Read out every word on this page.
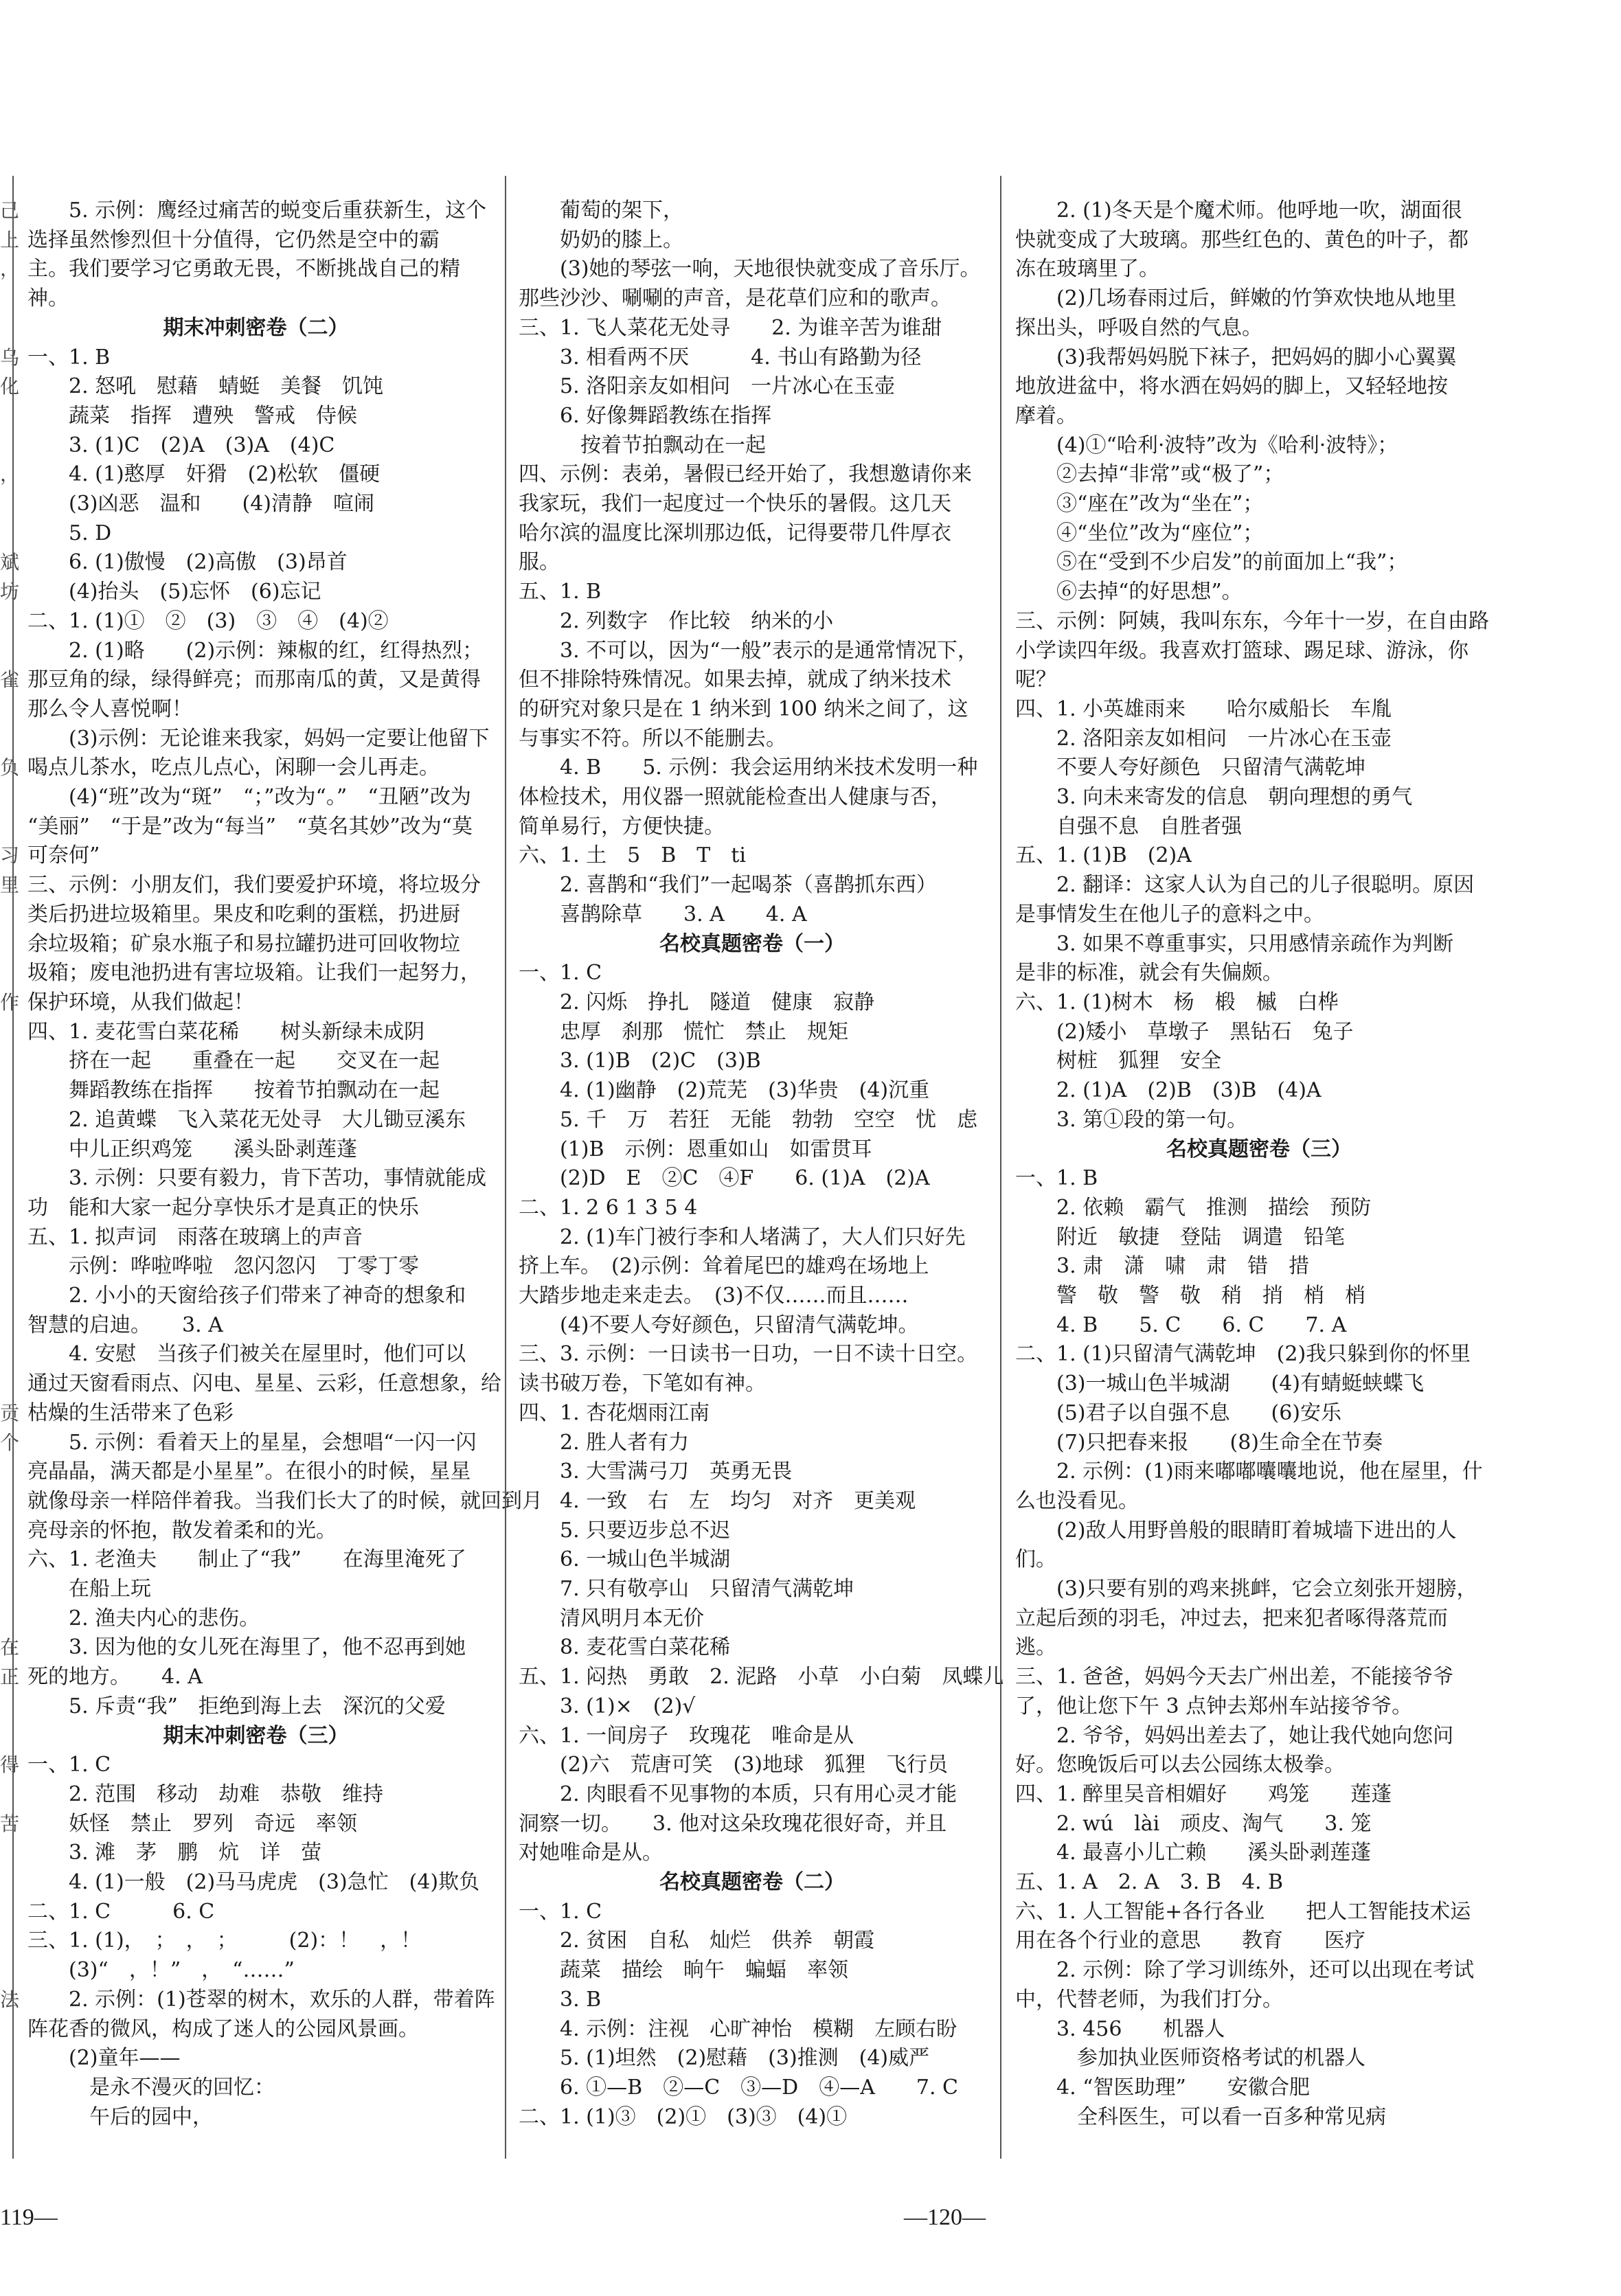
己
上
，

乌
化

，

斌
坊

雀

负

习
里

作

贡
个

在
正

得

苦

法
　　5. 示例：鹰经过痛苦的蜕变后重获新生，这个
选择虽然惨烈但十分值得，它仍然是空中的霸
主。我们要学习它勇敢无畏，不断挑战自己的精
神。
期末冲刺密卷（二）
一、1. B
　　2. 怒吼　慰藉　蜻蜓　美餐　饥饨
　　蔬菜　指挥　遭殃　警戒　侍候
　　3. (1)C　(2)A　(3)A　(4)C
　　4. (1)憨厚　奸猾　(2)松软　僵硬
　　(3)凶恶　温和　　(4)清静　喧闹
　　5. D
　　6. (1)傲慢　(2)高傲　(3)昂首
　　(4)抬头　(5)忘怀　(6)忘记
二、1. (1)①　②　(3)　③　④　(4)②
　　2. (1)略　　(2)示例：辣椒的红，红得热烈；
那豆角的绿，绿得鲜亮；而那南瓜的黄，又是黄得
那么令人喜悦啊！
　　(3)示例：无论谁来我家，妈妈一定要让他留下
喝点儿茶水，吃点儿点心，闲聊一会儿再走。
　　(4)“班”改为“斑”　“；”改为“。”　“丑陋”改为
“美丽”　“于是”改为“每当”　“莫名其妙”改为“莫
可奈何”
三、示例：小朋友们，我们要爱护环境，将垃圾分
类后扔进垃圾箱里。果皮和吃剩的蛋糕，扔进厨
余垃圾箱；矿泉水瓶子和易拉罐扔进可回收物垃
圾箱；废电池扔进有害垃圾箱。让我们一起努力，
保护环境，从我们做起！
四、1. 麦花雪白菜花稀　　树头新绿未成阴
　　挤在一起　　重叠在一起　　交叉在一起
　　舞蹈教练在指挥　　按着节拍飘动在一起
　　2. 追黄蝶　飞入菜花无处寻　大儿锄豆溪东
　　中儿正织鸡笼　　溪头卧剥莲蓬
　　3. 示例：只要有毅力，肯下苦功，事情就能成
功　能和大家一起分享快乐才是真正的快乐
五、1. 拟声词　雨落在玻璃上的声音
　　示例：哗啦哗啦　忽闪忽闪　丁零丁零
　　2. 小小的天窗给孩子们带来了神奇的想象和
智慧的启迪。　　3. A
　　4. 安慰　当孩子们被关在屋里时，他们可以
通过天窗看雨点、闪电、星星、云彩，任意想象，给
枯燥的生活带来了色彩
　　5. 示例：看着天上的星星，会想唱“一闪一闪
亮晶晶，满天都是小星星”。在很小的时候，星星
就像母亲一样陪伴着我。当我们长大了的时候，就回到月
亮母亲的怀抱，散发着柔和的光。
六、1. 老渔夫　　制止了“我”　　在海里淹死了
　　在船上玩
　　2. 渔夫内心的悲伤。
　　3. 因为他的女儿死在海里了，他不忍再到她
死的地方。　　4. A
　　5. 斥责“我”　拒绝到海上去　深沉的父爱
期末冲刺密卷（三）
一、1. C
　　2. 范围　移动　劫难　恭敬　维持
　　妖怪　禁止　罗列　奇远　率领
　　3. 滩　茅　鹏　炕　详　萤
　　4. (1)一般　(2)马马虎虎　(3)急忙　(4)欺负
二、1. C　　　6. C
三、1. (1)，　；　，　；　　　(2)：！　，！
　　(3)“　，！”　，　“……”
　　2. 示例：(1)苍翠的树木，欢乐的人群，带着阵
阵花香的微风，构成了迷人的公园风景画。
　　(2)童年——
　　　是永不漫灭的回忆：
　　　午后的园中，
　　葡萄的架下，
　　奶奶的膝上。
　　(3)她的琴弦一响，天地很快就变成了音乐厅。
那些沙沙、唰唰的声音，是花草们应和的歌声。
三、1. 飞人菜花无处寻　　2. 为谁辛苦为谁甜
　　3. 相看两不厌　　　4. 书山有路勤为径
　　5. 洛阳亲友如相问　一片冰心在玉壶
　　6. 好像舞蹈教练在指挥
　　　按着节拍飘动在一起
四、示例：表弟，暑假已经开始了，我想邀请你来
我家玩，我们一起度过一个快乐的暑假。这几天
哈尔滨的温度比深圳那边低，记得要带几件厚衣
服。
五、1. B
　　2. 列数字　作比较　纳米的小
　　3. 不可以，因为“一般”表示的是通常情况下，
但不排除特殊情况。如果去掉，就成了纳米技术
的研究对象只是在 1 纳米到 100 纳米之间了，这
与事实不符。所以不能删去。
　　4. B　　5. 示例：我会运用纳米技术发明一种
体检技术，用仪器一照就能检查出人健康与否，
简单易行，方便快捷。
六、1. 土　5　B　T　ti
　　2. 喜鹊和“我们”一起喝茶（喜鹊抓东西）
　　喜鹊除草　　3. A　　4. A
名校真题密卷（一）
一、1. C
　　2. 闪烁　挣扎　隧道　健康　寂静
　　忠厚　刹那　慌忙　禁止　规矩
　　3. (1)B　(2)C　(3)B
　　4. (1)幽静　(2)荒芜　(3)华贵　(4)沉重
　　5. 千　万　若狂　无能　勃勃　空空　忧　虑
　　(1)B　示例：恩重如山　如雷贯耳
　　(2)D　E　②C　④F　　6. (1)A　(2)A
二、1. 2 6 1 3 5 4
　　2. (1)车门被行李和人堵满了，大人们只好先
挤上车。　(2)示例：耸着尾巴的雄鸡在场地上
大踏步地走来走去。　(3)不仅……而且……
　　(4)不要人夸好颜色，只留清气满乾坤。
三、3. 示例：一日读书一日功，一日不读十日空。
读书破万卷，下笔如有神。
四、1. 杏花烟雨江南
　　2. 胜人者有力
　　3. 大雪满弓刀　英勇无畏
　　4. 一致　右　左　均匀　对齐　更美观
　　5. 只要迈步总不迟
　　6. 一城山色半城湖
　　7. 只有敬亭山　只留清气满乾坤
　　清风明月本无价
　　8. 麦花雪白菜花稀
五、1. 闷热　勇敢　2. 泥路　小草　小白菊　凤蝶儿
　　3. (1)×　(2)√
六、1. 一间房子　玫瑰花　唯命是从
　　(2)六　荒唐可笑　(3)地球　狐狸　飞行员
　　2. 肉眼看不见事物的本质，只有用心灵才能
洞察一切。　　3. 他对这朵玫瑰花很好奇，并且
对她唯命是从。
名校真题密卷（二）
一、1. C
　　2. 贫困　自私　灿烂　供养　朝霞
　　蔬菜　描绘　晌午　蝙蝠　率领
　　3. B
　　4. 示例：注视　心旷神怡　模糊　左顾右盼
　　5. (1)坦然　(2)慰藉　(3)推测　(4)威严
　　6. ①—B　②—C　③—D　④—A　　7. C
二、1. (1)③　(2)①　(3)③　(4)①
　　2. (1)冬天是个魔术师。他呼地一吹，湖面很
快就变成了大玻璃。那些红色的、黄色的叶子，都
冻在玻璃里了。
　　(2)几场春雨过后，鲜嫩的竹笋欢快地从地里
探出头，呼吸自然的气息。
　　(3)我帮妈妈脱下袜子，把妈妈的脚小心翼翼
地放进盆中，将水洒在妈妈的脚上，又轻轻地按
摩着。
　　(4)①“哈利·波特”改为《哈利·波特》；
　　②去掉“非常”或“极了”；
　　③“座在”改为“坐在”；
　　④“坐位”改为“座位”；
　　⑤在“受到不少启发”的前面加上“我”；
　　⑥去掉“的好思想”。
三、示例：阿姨，我叫东东，今年十一岁，在自由路
小学读四年级。我喜欢打篮球、踢足球、游泳，你
呢？
四、1. 小英雄雨来　　哈尔威船长　车胤
　　2. 洛阳亲友如相问　一片冰心在玉壶
　　不要人夸好颜色　只留清气满乾坤
　　3. 向未来寄发的信息　朝向理想的勇气
　　自强不息　自胜者强
五、1. (1)B　(2)A
　　2. 翻译：这家人认为自己的儿子很聪明。原因
是事情发生在他儿子的意料之中。
　　3. 如果不尊重事实，只用感情亲疏作为判断
是非的标准，就会有失偏颇。
六、1. (1)树木　杨　椴　槭　白桦
　　(2)矮小　草墩子　黑钻石　兔子
　　树桩　狐狸　安全
　　2. (1)A　(2)B　(3)B　(4)A
　　3. 第①段的第一句。
名校真题密卷（三）
一、1. B
　　2. 依赖　霸气　推测　描绘　预防
　　附近　敏捷　登陆　调遣　铅笔
　　3. 肃　潇　啸　肃　错　措
　　警　敬　警　敬　稍　捎　梢　梢
　　4. B　　5. C　　6. C　　7. A
二、1. (1)只留清气满乾坤　(2)我只躲到你的怀里
　　(3)一城山色半城湖　　(4)有蜻蜓蛱蝶飞
　　(5)君子以自强不息　　(6)安乐
　　(7)只把春来报　　(8)生命全在节奏
　　2. 示例：(1)雨来嘟嘟囔囔地说，他在屋里，什
么也没看见。
　　(2)敌人用野兽般的眼睛盯着城墙下进出的人
们。
　　(3)只要有别的鸡来挑衅，它会立刻张开翅膀，
立起后颈的羽毛，冲过去，把来犯者啄得落荒而
逃。
三、1. 爸爸，妈妈今天去广州出差，不能接爷爷
了，他让您下午 3 点钟去郑州车站接爷爷。
　　2. 爷爷，妈妈出差去了，她让我代她向您问
好。您晚饭后可以去公园练太极拳。
四、1. 醉里吴音相媚好　　鸡笼　　莲蓬
　　2. wú　lài　顽皮、淘气　　3. 笼
　　4. 最喜小儿亡赖　　溪头卧剥莲蓬
五、1. A　2. A　3. B　4. B
六、1. 人工智能+各行各业　　把人工智能技术运
用在各个行业的意思　　教育　　医疗
　　2. 示例：除了学习训练外，还可以出现在考试
中，代替老师，为我们打分。
　　3. 456　　机器人
　　　参加执业医师资格考试的机器人
　　4. “智医助理”　　安徽合肥
　　　全科医生，可以看一百多种常见病
119—	—120—
